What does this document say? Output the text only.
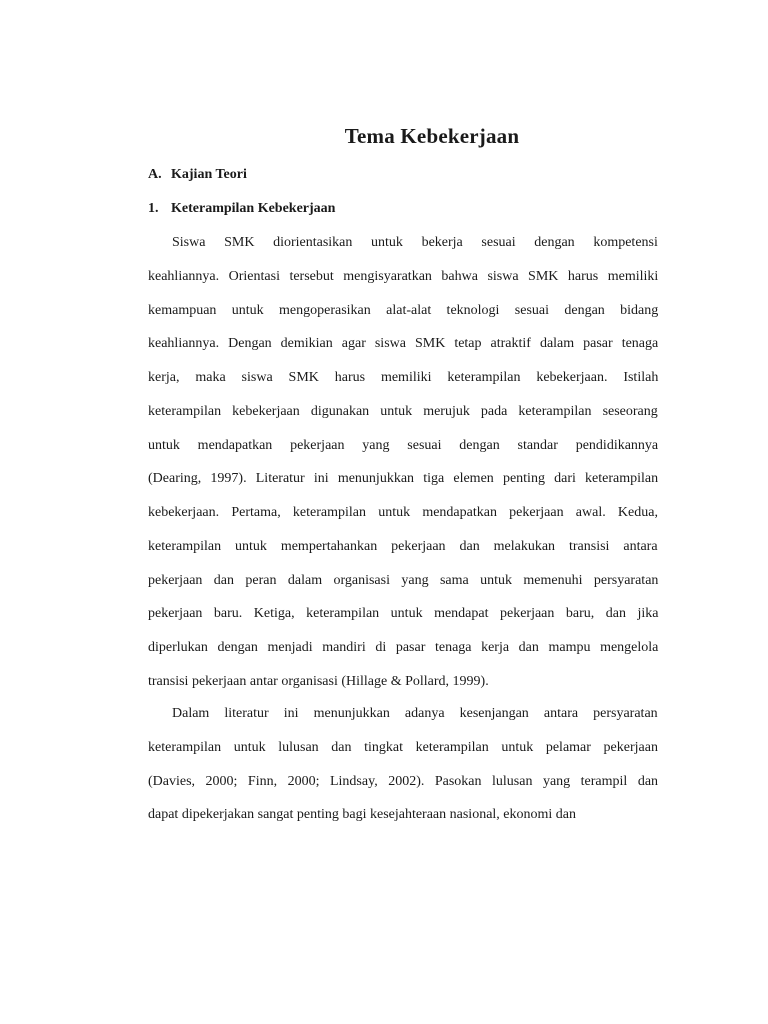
Tema Kebekerjaan
A. Kajian Teori
1. Keterampilan Kebekerjaan
Siswa SMK diorientasikan untuk bekerja sesuai dengan kompetensi
keahliannya. Orientasi tersebut mengisyaratkan bahwa siswa SMK harus memiliki
kemampuan untuk mengoperasikan alat-alat teknologi sesuai dengan bidang
keahliannya. Dengan demikian agar siswa SMK tetap atraktif dalam pasar tenaga
kerja, maka siswa SMK harus memiliki keterampilan kebekerjaan. Istilah
keterampilan kebekerjaan digunakan untuk merujuk pada keterampilan seseorang
untuk mendapatkan pekerjaan yang sesuai dengan standar pendidikannya
(Dearing, 1997). Literatur ini menunjukkan tiga elemen penting dari keterampilan
kebekerjaan. Pertama, keterampilan untuk mendapatkan pekerjaan awal. Kedua,
keterampilan untuk mempertahankan pekerjaan dan melakukan transisi antara
pekerjaan dan peran dalam organisasi yang sama untuk memenuhi persyaratan
pekerjaan baru. Ketiga, keterampilan untuk mendapat pekerjaan baru, dan jika
diperlukan dengan menjadi mandiri di pasar tenaga kerja dan mampu mengelola
transisi pekerjaan antar organisasi (Hillage & Pollard, 1999).
Dalam literatur ini menunjukkan adanya kesenjangan antara persyaratan
keterampilan untuk lulusan dan tingkat keterampilan untuk pelamar pekerjaan
(Davies, 2000; Finn, 2000; Lindsay, 2002). Pasokan lulusan yang terampil dan
dapat dipekerjakan sangat penting bagi kesejahteraan nasional, ekonomi dan
